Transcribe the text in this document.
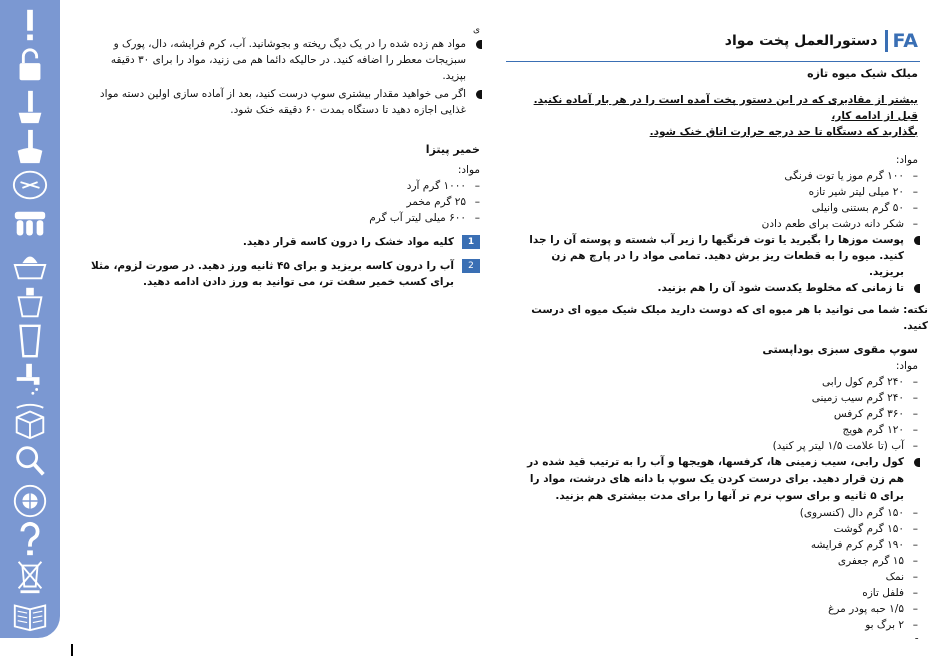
دستورالعمل پخت مواد FA
ی
مواد هم زده شده را در یک دیگ ریخته و بجوشانید. آب، کرم فرایشه، دال، پورک و سبزیجات معطر را اضافه کنید. در حالیکه دائما هم می زنید، مواد را برای ۳۰ دقیقه بپزید.
اگر می خواهید مقدار بیشتری سوپ درست کنید، بعد از آماده سازی اولین دسته مواد غذایی اجازه دهید تا دستگاه بمدت ۶۰ دقیقه خنک شود.
خمیر پیتزا
مواد:
– ۱۰۰۰ گرم آرد
– ۲۵ گرم مخمر
– ۶۰۰ میلی لیتر آب گرم
1
کلیه مواد خشک را درون کاسه قرار دهید.
2
آب را درون کاسه بریزید و برای ۴۵ ثانیه ورز دهید. در صورت لزوم، مثلا برای کسب خمیر سفت تر، می توانید به ورز دادن ادامه دهید.
میلک شیک میوه تازه
بیشتر از مقادیری که در این دستور پخت آمده است را در هر بار آماده نکنید. قبل از ادامه کار،
بگذارید که دستگاه تا حد درجه حرارت اتاق خنک شود.
مواد:
– ۱۰۰ گرم موز یا توت فرنگی
– ۲۰ میلی لیتر شیر تازه
– ۵۰ گرم بستنی وانیلی
– شکر دانه درشت برای طعم دادن
پوست موزها را بگیرید یا توت فرنگیها را زیر آب شسته و پوسته آن را جدا کنید. میوه را به قطعات ریز برش دهید. تمامی مواد را در پارچ هم زن بریزید.
تا زمانی که مخلوط یکدست شود آن را هم بزنید.
نکته: شما می توانید با هر میوه ای که دوست دارید میلک شیک میوه ای درست کنید.
سوپ مقوی سبزی بوداپستی
مواد:
– ۲۴۰ گرم کول رابی
– ۲۴۰ گرم سیب زمینی
– ۳۶۰ گرم کرفس
– ۱۲۰ گرم هویج
– آب (تا علامت ۱/۵ لیتر پر کنید)
کول رابی، سیب زمینی ها، کرفسها، هویجها و آب را به ترتیب قید شده در هم زن قرار دهید. برای درست کردن یک سوپ با دانه های درشت، مواد را برای ۵ ثانیه و برای سوپ نرم تر آنها را برای مدت بیشتری هم بزنید.
– ۱۵۰ گرم دال (کنسروی)
– ۱۵۰ گرم گوشت
– ۱۹۰ گرم کرم فرایشه
– ۱۵ گرم جعفری
– نمک
– فلفل تازه
– ۱/۵ حبه پودر مرغ
– ۲ برگ بو
ـ
